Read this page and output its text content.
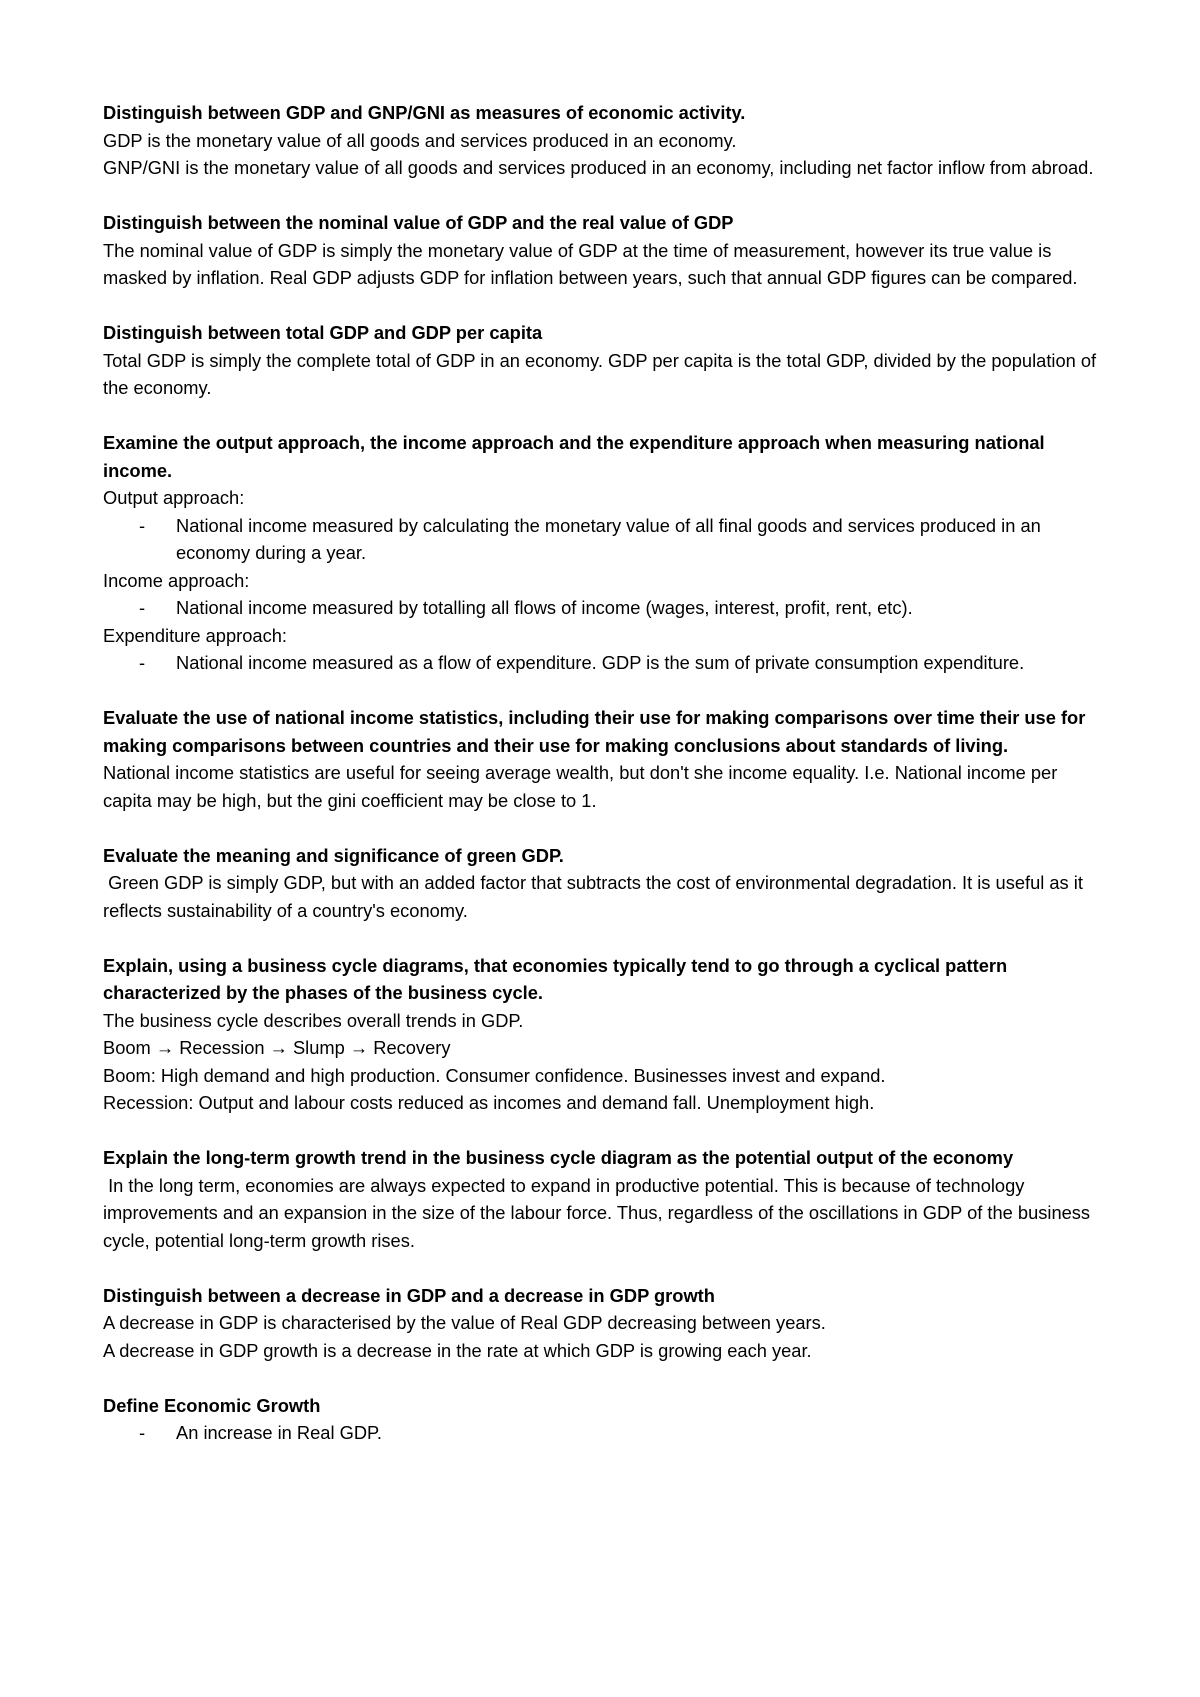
Distinguish between GDP and GNP/GNI as measures of economic activity.
GDP is the monetary value of all goods and services produced in an economy.
GNP/GNI is the monetary value of all goods and services produced in an economy, including net factor inflow from abroad.
Distinguish between the nominal value of GDP and the real value of GDP
The nominal value of GDP is simply the monetary value of GDP at the time of measurement, however its true value is masked by inflation. Real GDP adjusts GDP for inflation between years, such that annual GDP figures can be compared.
Distinguish between total GDP and GDP per capita
Total GDP is simply the complete total of GDP in an economy. GDP per capita is the total GDP, divided by the population of the economy.
Examine the output approach, the income approach and the expenditure approach when measuring national income.
Output approach:
- National income measured by calculating the monetary value of all final goods and services produced in an economy during a year.
Income approach:
- National income measured by totalling all flows of income (wages, interest, profit, rent, etc).
Expenditure approach:
- National income measured as a flow of expenditure. GDP is the sum of private consumption expenditure.
Evaluate the use of national income statistics, including their use for making comparisons over time their use for making comparisons between countries and their use for making conclusions about standards of living.
National income statistics are useful for seeing average wealth, but don't she income equality. I.e. National income per capita may be high, but the gini coefficient may be close to 1.
Evaluate the meaning and significance of green GDP.
Green GDP is simply GDP, but with an added factor that subtracts the cost of environmental degradation. It is useful as it reflects sustainability of a country's economy.
Explain, using a business cycle diagrams, that economies typically tend to go through a cyclical pattern characterized by the phases of the business cycle.
The business cycle describes overall trends in GDP.
Boom → Recession → Slump → Recovery
Boom: High demand and high production. Consumer confidence. Businesses invest and expand.
Recession: Output and labour costs reduced as incomes and demand fall. Unemployment high.
Explain the long-term growth trend in the business cycle diagram as the potential output of the economy
In the long term, economies are always expected to expand in productive potential. This is because of technology improvements and an expansion in the size of the labour force. Thus, regardless of the oscillations in GDP of the business cycle, potential long-term growth rises.
Distinguish between a decrease in GDP and a decrease in GDP growth
A decrease in GDP is characterised by the value of Real GDP decreasing between years.
A decrease in GDP growth is a decrease in the rate at which GDP is growing each year.
Define Economic Growth
- An increase in Real GDP.
